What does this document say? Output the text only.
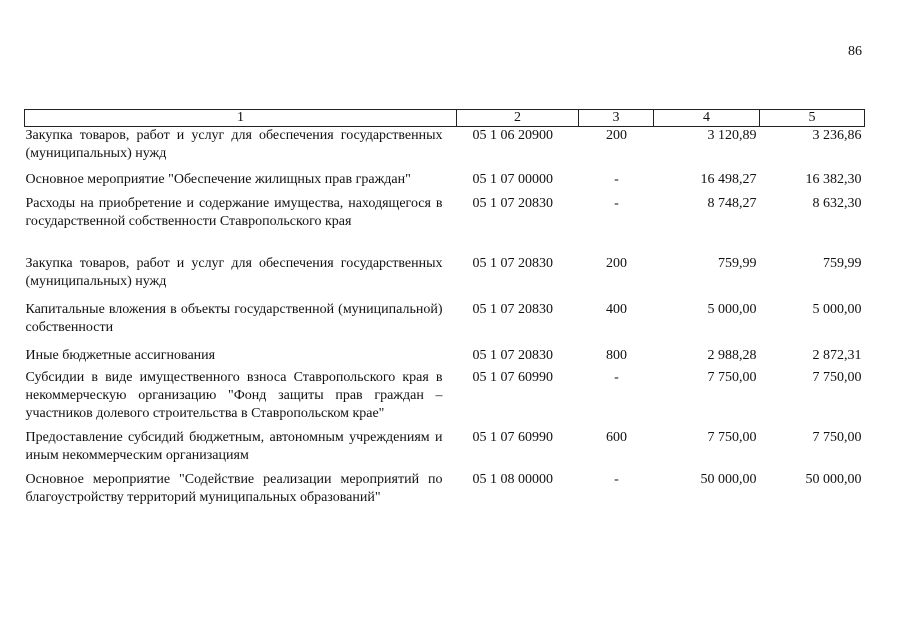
86
1	2	3	4	5
Закупка товаров, работ и услуг для обеспечения государственных (муниципальных) нужд	05 1 06 20900	200	3 120,89	3 236,86
Основное мероприятие "Обеспечение жилищных прав граждан"	05 1 07 00000	-	16 498,27	16 382,30
Расходы на приобретение и содержание имущества, находящегося в государственной собственности Ставропольского края	05 1 07 20830	-	8 748,27	8 632,30
Закупка товаров, работ и услуг для обеспечения государственных (муниципальных) нужд	05 1 07 20830	200	759,99	759,99
Капитальные вложения в объекты государственной (муниципальной) собственности	05 1 07 20830	400	5 000,00	5 000,00
Иные бюджетные ассигнования	05 1 07 20830	800	2 988,28	2 872,31
Субсидии в виде имущественного взноса Ставропольского края в некоммерческую организацию "Фонд защиты прав граждан – участников долевого строительства в Ставропольском крае"	05 1 07 60990	-	7 750,00	7 750,00
Предоставление субсидий бюджетным, автономным учреждениям и иным некоммерческим организациям	05 1 07 60990	600	7 750,00	7 750,00
Основное мероприятие "Содействие реализации мероприятий по благоустройству территорий муниципальных образований"	05 1 08 00000	-	50 000,00	50 000,00
